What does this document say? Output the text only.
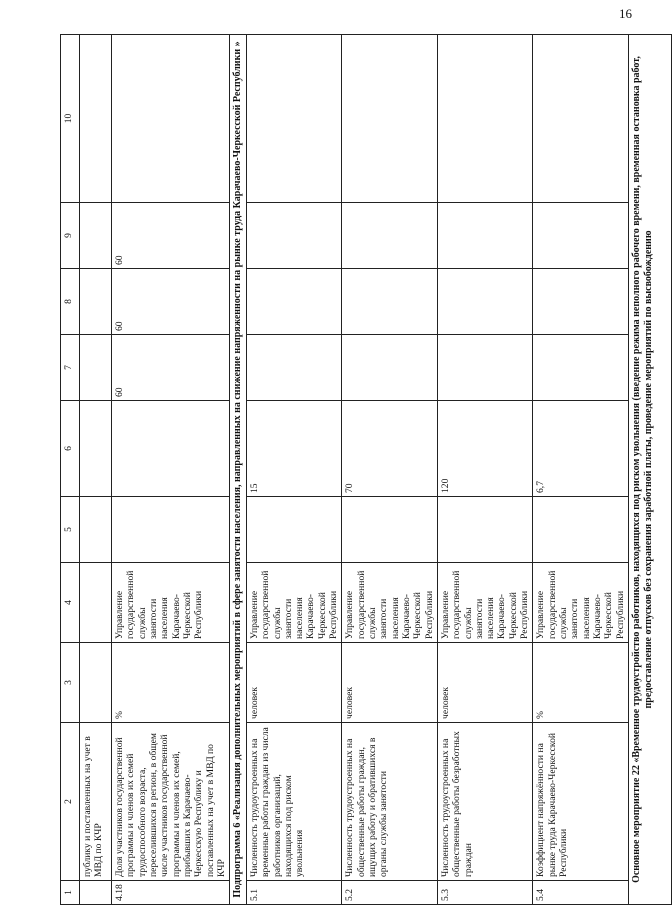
16
1	2	3	4	5	6	7	8	9	10
	публику и поставленных на учет в МВД по КЧР								
4.18	Доля участников государственной программы и членов их семей трудоспособного возраста, переселившихся в регион, в общем числе участников государственной программы и членов их семей, прибывших в Карачаево-Черкесскую Республику и поставленных на учет в МВД по КЧР	%	Управление государственной службы занятости населения Карачаево-Черкесской Республики			60	60	60	
Подпрограмма 6 «Реализация дополнительных мероприятий в сфере занятости населения, направленных на снижение напряженности на рынке труда Карачаево-Черкесской Республики »									
5.1	Численность трудоустроенных на временные работы граждан из числа работников организаций, находящихся под риском увольнения	человек	Управление государственной службы занятости населения Карачаево-Черкесской Республики		15				
5.2	Численность трудоустроенных на общественные работы граждан, ищущих работу и обратившихся в органы службы занятости	человек	Управление государственной службы занятости населения Карачаево-Черкесской Республики		70				
5.3	Численность трудоустроенных на общественные работы безработных граждан	человек	Управление государственной службы занятости населения Карачаево-Черкесской Республики		120				
5.4	Коэффициент напряжённости на рынке труда Карачаево-Черкесской Республики	%	Управление государственной службы занятости населения Карачаево-Черкесской Республики		6,7				
Основное мероприятие 22 «Временное трудоустройство работников, находящихся под риском увольнения (введение режима неполного рабочего времени, временная остановка работ, предоставление отпусков без сохранения заработной платы, проведение мероприятий по высвобождению									
